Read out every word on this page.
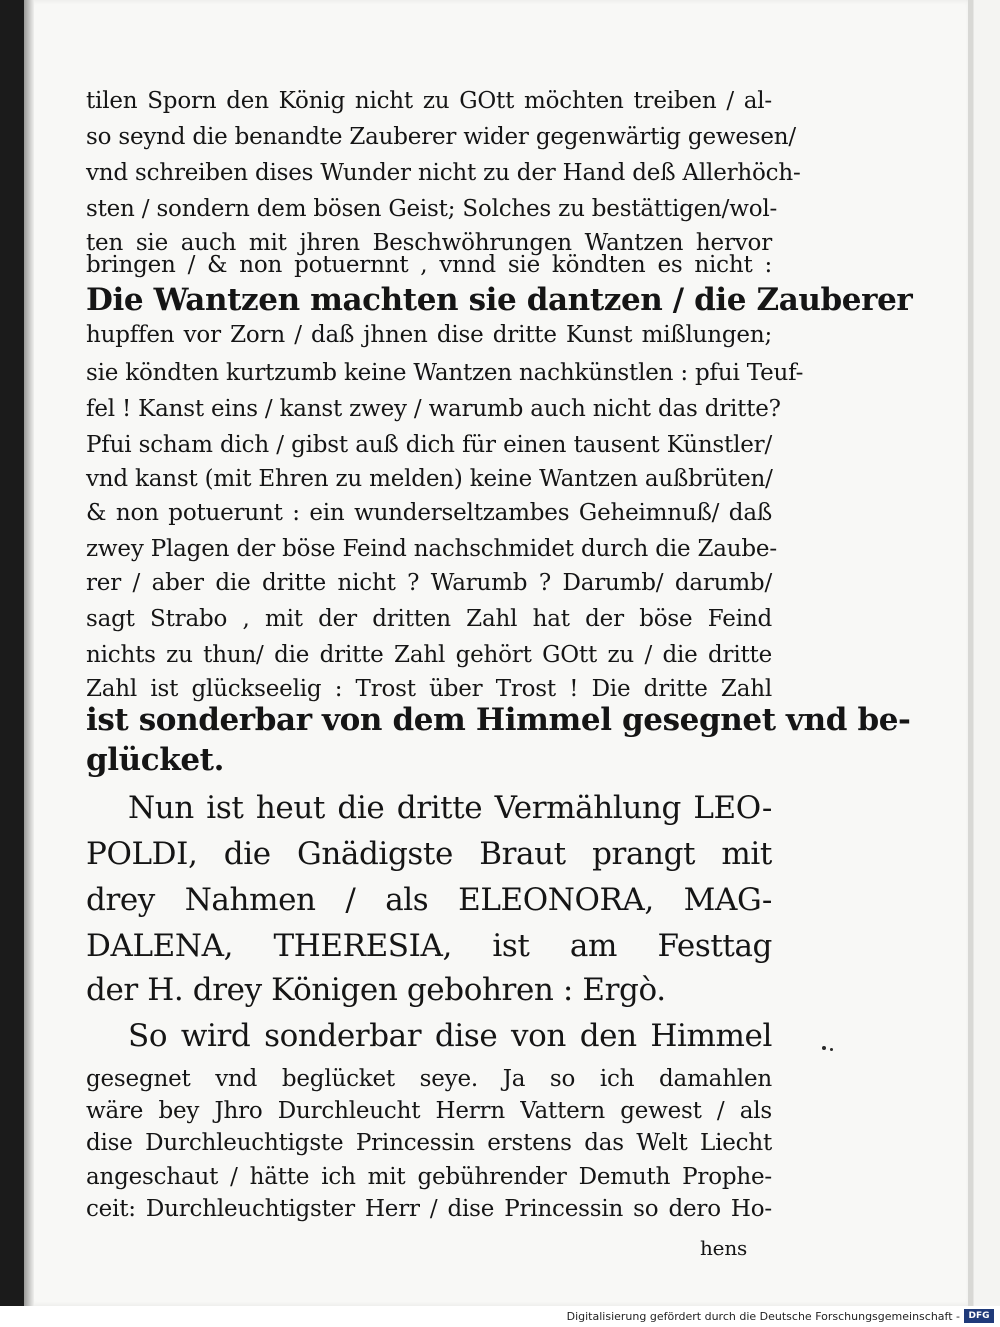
tilen Sporn den König nicht zu GOtt möchten treiben / al-
so seynd die benandte Zauberer wider gegenwärtig gewesen/
vnd schreiben dises Wunder nicht zu der Hand deß Allerhöch-
sten / sondern dem bösen Geist; Solches zu bestättigen/wol-
ten sie auch mit jhren Beschwöhrungen Wantzen hervor
bringen / & non potuernnt , vnnd sie köndten es nicht :
Die Wantzen machten sie dantzen / die Zauberer
hupffen vor Zorn / daß jhnen dise dritte Kunst mißlungen;
sie köndten kurtzumb keine Wantzen nachkünstlen : pfui Teuf-
fel ! Kanst eins / kanst zwey / warumb auch nicht das dritte?
Pfui scham dich / gibst auß dich für einen tausent Künstler/
vnd kanst (mit Ehren zu melden) keine Wantzen außbrüten/
& non potuerunt : ein wunderseltzambes Geheimnuß/ daß
zwey Plagen der böse Feind nachschmidet durch die Zaube-
rer / aber die dritte nicht ? Warumb ? Darumb/ darumb/
sagt Strabo , mit der dritten Zahl hat der böse Feind
nichts zu thun/ die dritte Zahl gehört GOtt zu / die dritte
Zahl ist glückseelig : Trost über Trost ! Die dritte Zahl
ist sonderbar von dem Himmel gesegnet vnd be-
glücket.
Nun ist heut die dritte Vermählung LEO-
POLDI, die Gnädigste Braut prangt mit
drey Nahmen / als ELEONORA, MAG-
DALENA, THERESIA, ist am Festtag
der H. drey Königen gebohren : Ergò.
So wird sonderbar dise von den Himmel
gesegnet vnd beglücket seye. Ja so ich damahlen
wäre bey Jhro Durchleucht Herrn Vattern gewest / als
dise Durchleuchtigste Princessin erstens das Welt Liecht
angeschaut / hätte ich mit gebührender Demuth Prophe-
ceit: Durchleuchtigster Herr / dise Princessin so dero Ho-
hens
Digitalisierung gefördert durch die Deutsche Forschungsgemeinschaft - DFG
